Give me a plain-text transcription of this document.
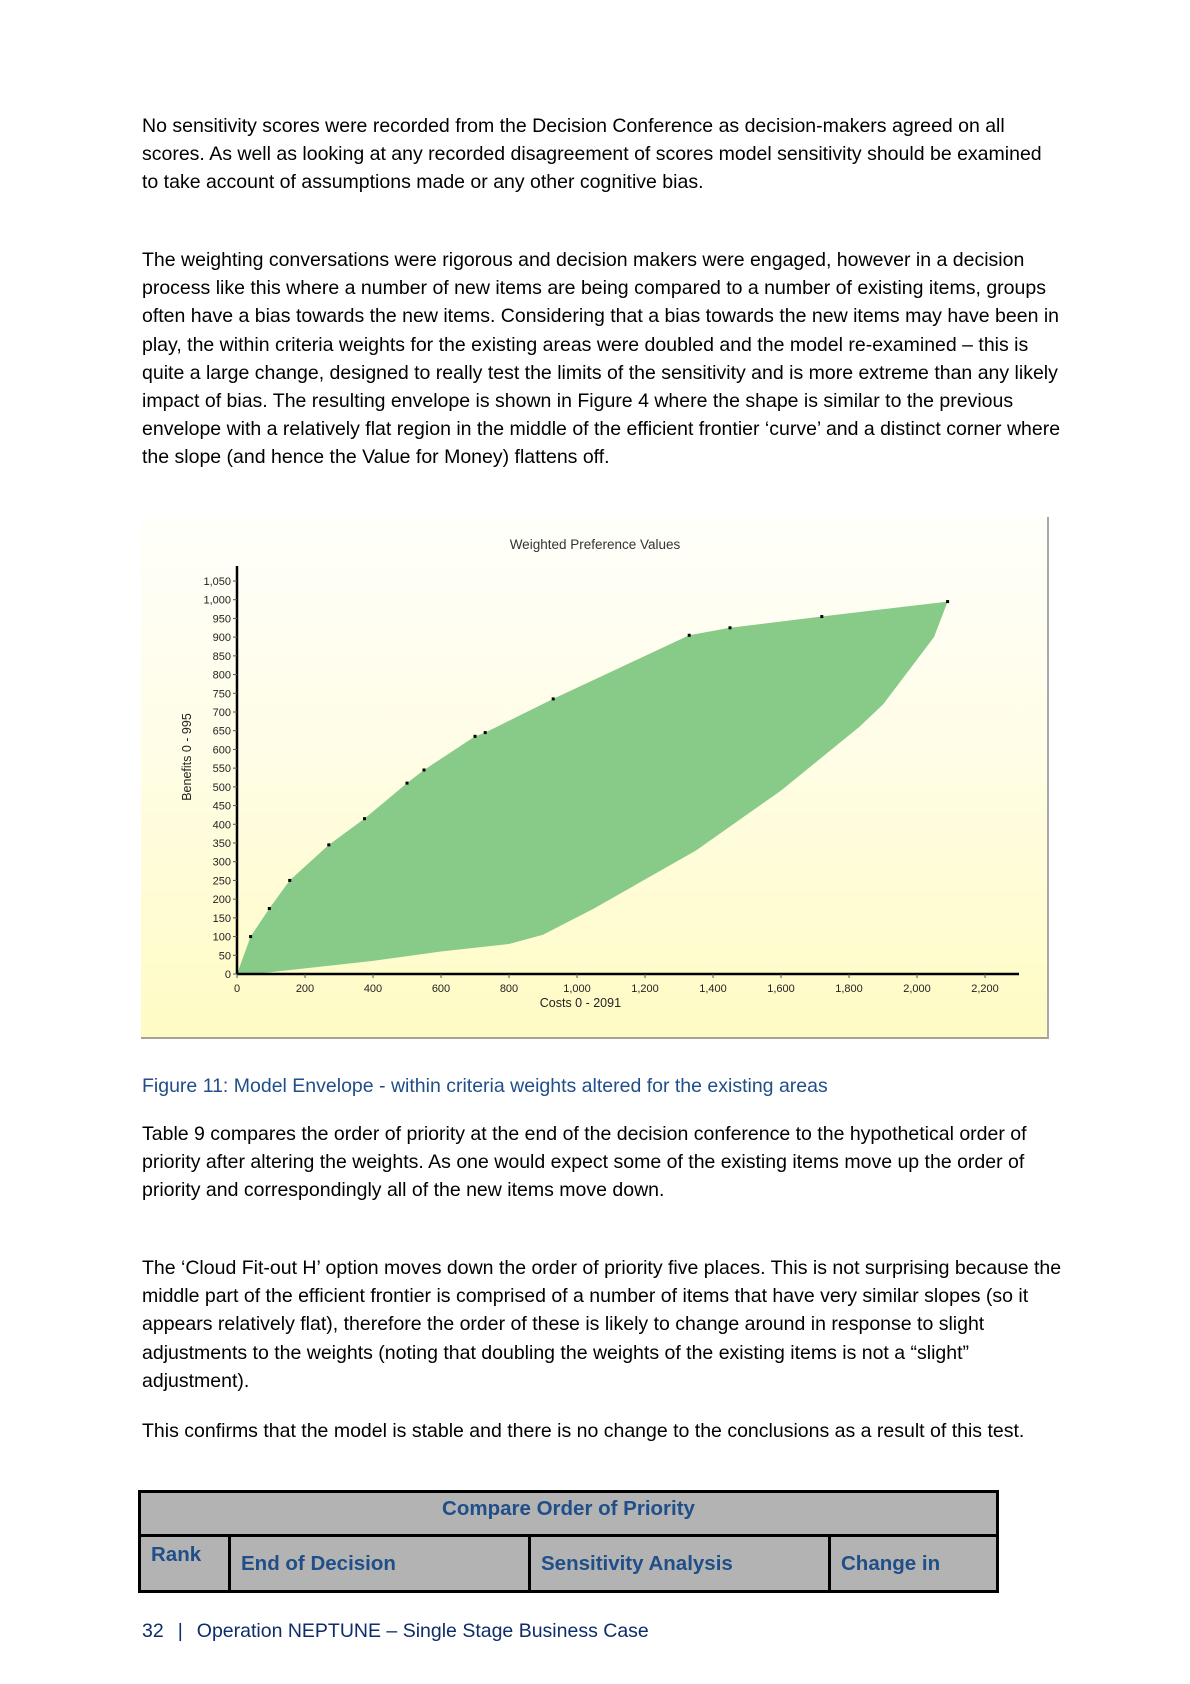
No sensitivity scores were recorded from the Decision Conference as decision-makers agreed on all scores. As well as looking at any recorded disagreement of scores model sensitivity should be examined to take account of assumptions made or any other cognitive bias.

The weighting conversations were rigorous and decision makers were engaged, however in a decision process like this where a number of new items are being compared to a number of existing items, groups often have a bias towards the new items. Considering that a bias towards the new items may have been in play, the within criteria weights for the existing areas were doubled and the model re-examined – this is quite a large change, designed to really test the limits of the sensitivity and is more extreme than any likely impact of bias. The resulting envelope is shown in Figure 4 where the shape is similar to the previous envelope with a relatively flat region in the middle of the efficient frontier ‘curve’ and a distinct corner where the slope (and hence the Value for Money) flattens off.

0
50
100
150
200
250
300
350
400
450
500
550
600
650
700
750
800
850
900
950
1,000
1,050
0	200	400	600	800	1,000	1,200	1,400	1,600	1,800	2,000	2,200
Weighted Preference Values
Costs 0 - 2091
Benefits 0 - 995
Figure 11: Model Envelope - within criteria weights altered for the existing areas

Table 9 compares the order of priority at the end of the decision conference to the hypothetical order of priority after altering the weights. As one would expect some of the existing items move up the order of priority and correspondingly all of the new items move down.

The ‘Cloud Fit-out H’ option moves down the order of priority five places. This is not surprising because the middle part of the efficient frontier is comprised of a number of items that have very similar slopes (so it appears relatively flat), therefore the order of these is likely to change around in response to slight adjustments to the weights (noting that doubling the weights of the existing items is not a “slight” adjustment).

This confirms that the model is stable and there is no change to the conclusions as a result of this test.

Compare Order of Priority
Rank	End of Decision	Sensitivity Analysis	Change in
32 | Operation NEPTUNE – Single Stage Business Case
